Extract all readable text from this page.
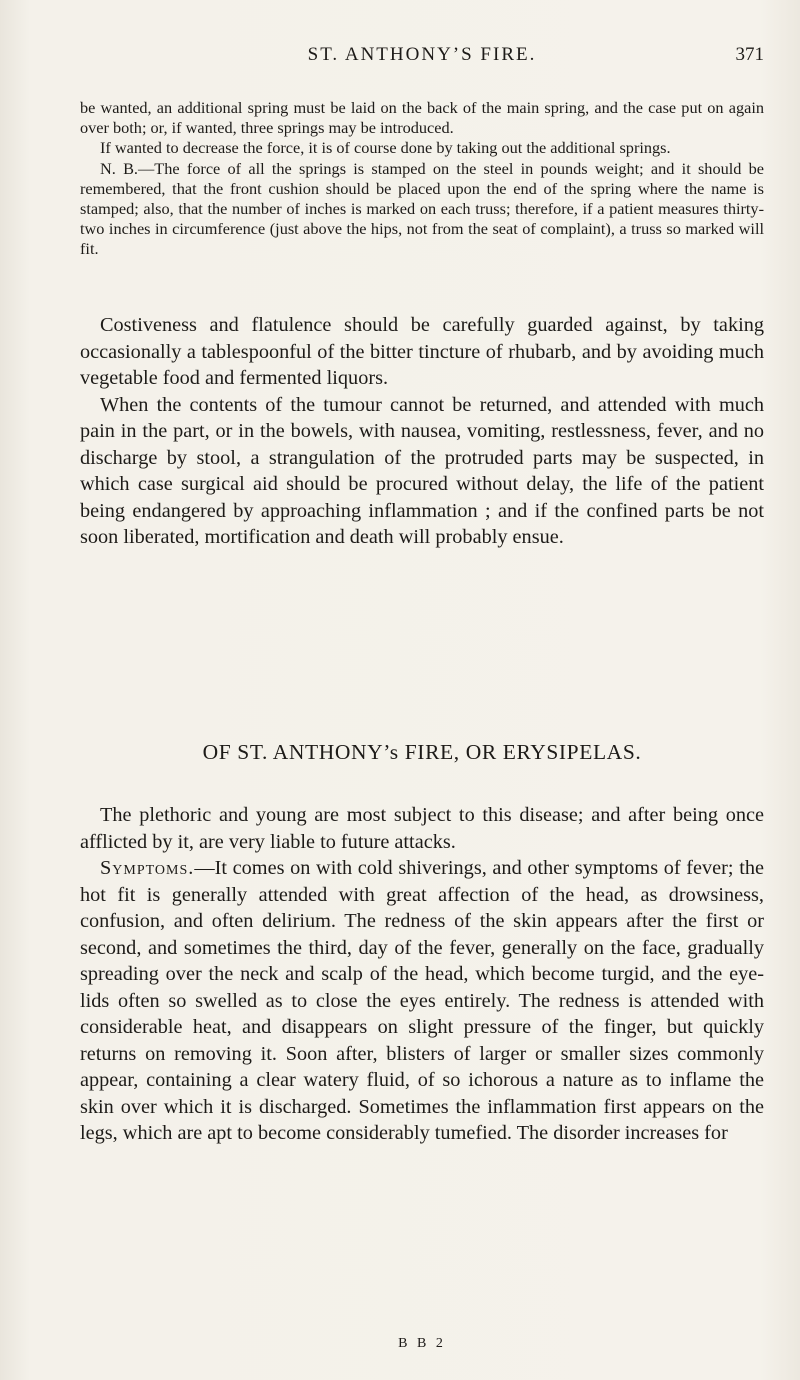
ST. ANTHONY’S FIRE.	371

be wanted, an additional spring must be laid on the back of the main spring, and the case put on again over both; or, if wanted, three springs may be introduced.

If wanted to decrease the force, it is of course done by taking out the additional springs.

N. B.—The force of all the springs is stamped on the steel in pounds weight; and it should be remembered, that the front cushion should be placed upon the end of the spring where the name is stamped; also, that the number of inches is marked on each truss; therefore, if a patient measures thirty-two inches in circumference (just above the hips, not from the seat of complaint), a truss so marked will fit.

Costiveness and flatulence should be carefully guarded against, by taking occasionally a tablespoonful of the bitter tincture of rhubarb, and by avoiding much vegetable food and fermented liquors.

When the contents of the tumour cannot be returned, and attended with much pain in the part, or in the bowels, with nausea, vomiting, restlessness, fever, and no discharge by stool, a strangulation of the protruded parts may be suspected, in which case surgical aid should be procured without delay, the life of the patient being endangered by approaching inflammation ; and if the confined parts be not soon liberated, mortification and death will probably ensue.

OF ST. ANTHONY’s FIRE, OR ERYSIPELAS.

The plethoric and young are most subject to this disease; and after being once afflicted by it, are very liable to future attacks.

Symptoms.—It comes on with cold shiverings, and other symptoms of fever; the hot fit is generally attended with great affection of the head, as drowsiness, confusion, and often delirium. The redness of the skin appears after the first or second, and sometimes the third, day of the fever, generally on the face, gradually spreading over the neck and scalp of the head, which become turgid, and the eye-lids often so swelled as to close the eyes entirely. The redness is attended with considerable heat, and disappears on slight pressure of the finger, but quickly returns on removing it. Soon after, blisters of larger or smaller sizes commonly appear, containing a clear watery fluid, of so ichorous a nature as to inflame the skin over which it is discharged. Sometimes the inflammation first appears on the legs, which are apt to become considerably tumefied. The disorder increases for

B B 2
